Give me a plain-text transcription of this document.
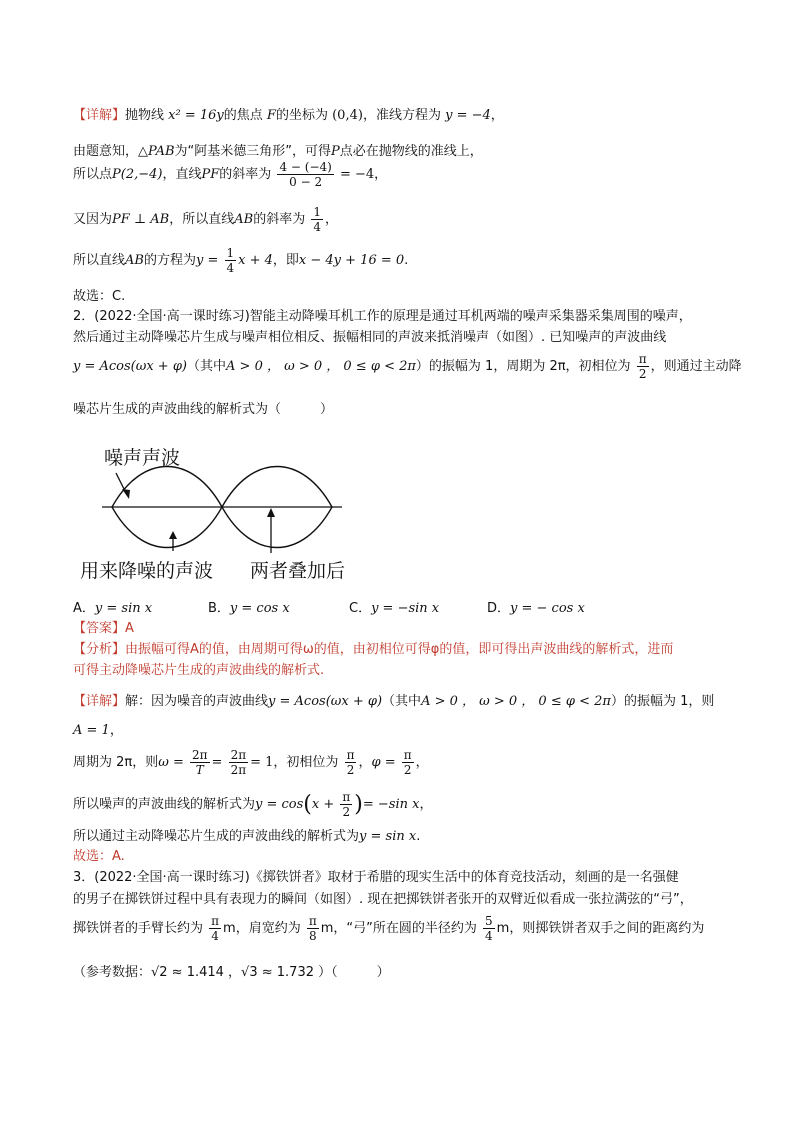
【详解】抛物线 x² = 16y的焦点 F的坐标为 (0,4)，准线方程为 y = −4，
由题意知，△PAB为“阿基米德三角形”，可得P点必在抛物线的准线上，
所以点P(2,−4)，直线PF的斜率为 $\frac{4 - (-4)}{0 - 2} = -4$，
又因为PF ⊥ AB，所以直线AB的斜率为 $\frac{1}{4}$ ，
所以直线AB的方程为$y = \frac{1}{4}$ x + 4，即x − 4y + 16 = 0.
故选：C.
2．(2022·全国·高一课时练习)智能主动降噪耳机工作的原理是通过耳机两端的噪声采集器采集周围的噪声，
然后通过主动降噪芯片生成与噪声相位相反、振幅相同的声波来抵消噪声（如图）. 已知噪声的声波曲线
y = Acos(ωx + φ)（其中A > 0 ， ω > 0 ， 0 ≤ φ < 2π）的振幅为 1，周期为 2π，初相位为 $\frac{\pi}{2}$ ，则通过主动降
噪芯片生成的声波曲线的解析式为（　　　）
噪声声波
用来降噪的声波 两者叠加后
A．y = sin x	B．y = cos x	C．y = −sin x	D．y = − cos x
【答案】A
【分析】由振幅可得A的值，由周期可得ω的值，由初相位可得φ的值，即可得出声波曲线的解析式，进而
可得主动降噪芯片生成的声波曲线的解析式.
【详解】解：因为噪音的声波曲线y = Acos(ωx + φ)（其中A > 0 ， ω > 0 ， 0 ≤ φ < 2π）的振幅为 1，则
A = 1，
周期为 2π，则$\omega = \frac{2\pi}{T} = \frac{2\pi}{2\pi} = 1$，初相位为 $\frac{\pi}{2}$ ，$\varphi = \frac{\pi}{2}$ ，
所以噪声的声波曲线的解析式为$y = \cos(x + \frac{\pi}{2}$ )= −sin x，
所以通过主动降噪芯片生成的声波曲线的解析式为y = sin x.
故选：A.
3．(2022·全国·高一课时练习)《掷铁饼者》取材于希腊的现实生活中的体育竞技活动，刻画的是一名强健
的男子在掷铁饼过程中具有表现力的瞬间（如图）. 现在把掷铁饼者张开的双臂近似看成一张拉满弦的“弓”，
掷铁饼者的手臂长约为 $\frac{\pi}{4}$ m，肩宽约为 $\frac{\pi}{8}$ m，“弓”所在圆的半径约为 $\frac{5}{4}$ m，则掷铁饼者双手之间的距离约为
（参考数据：√2 ≈ 1.414 ，√3 ≈ 1.732 ）（　　　）
